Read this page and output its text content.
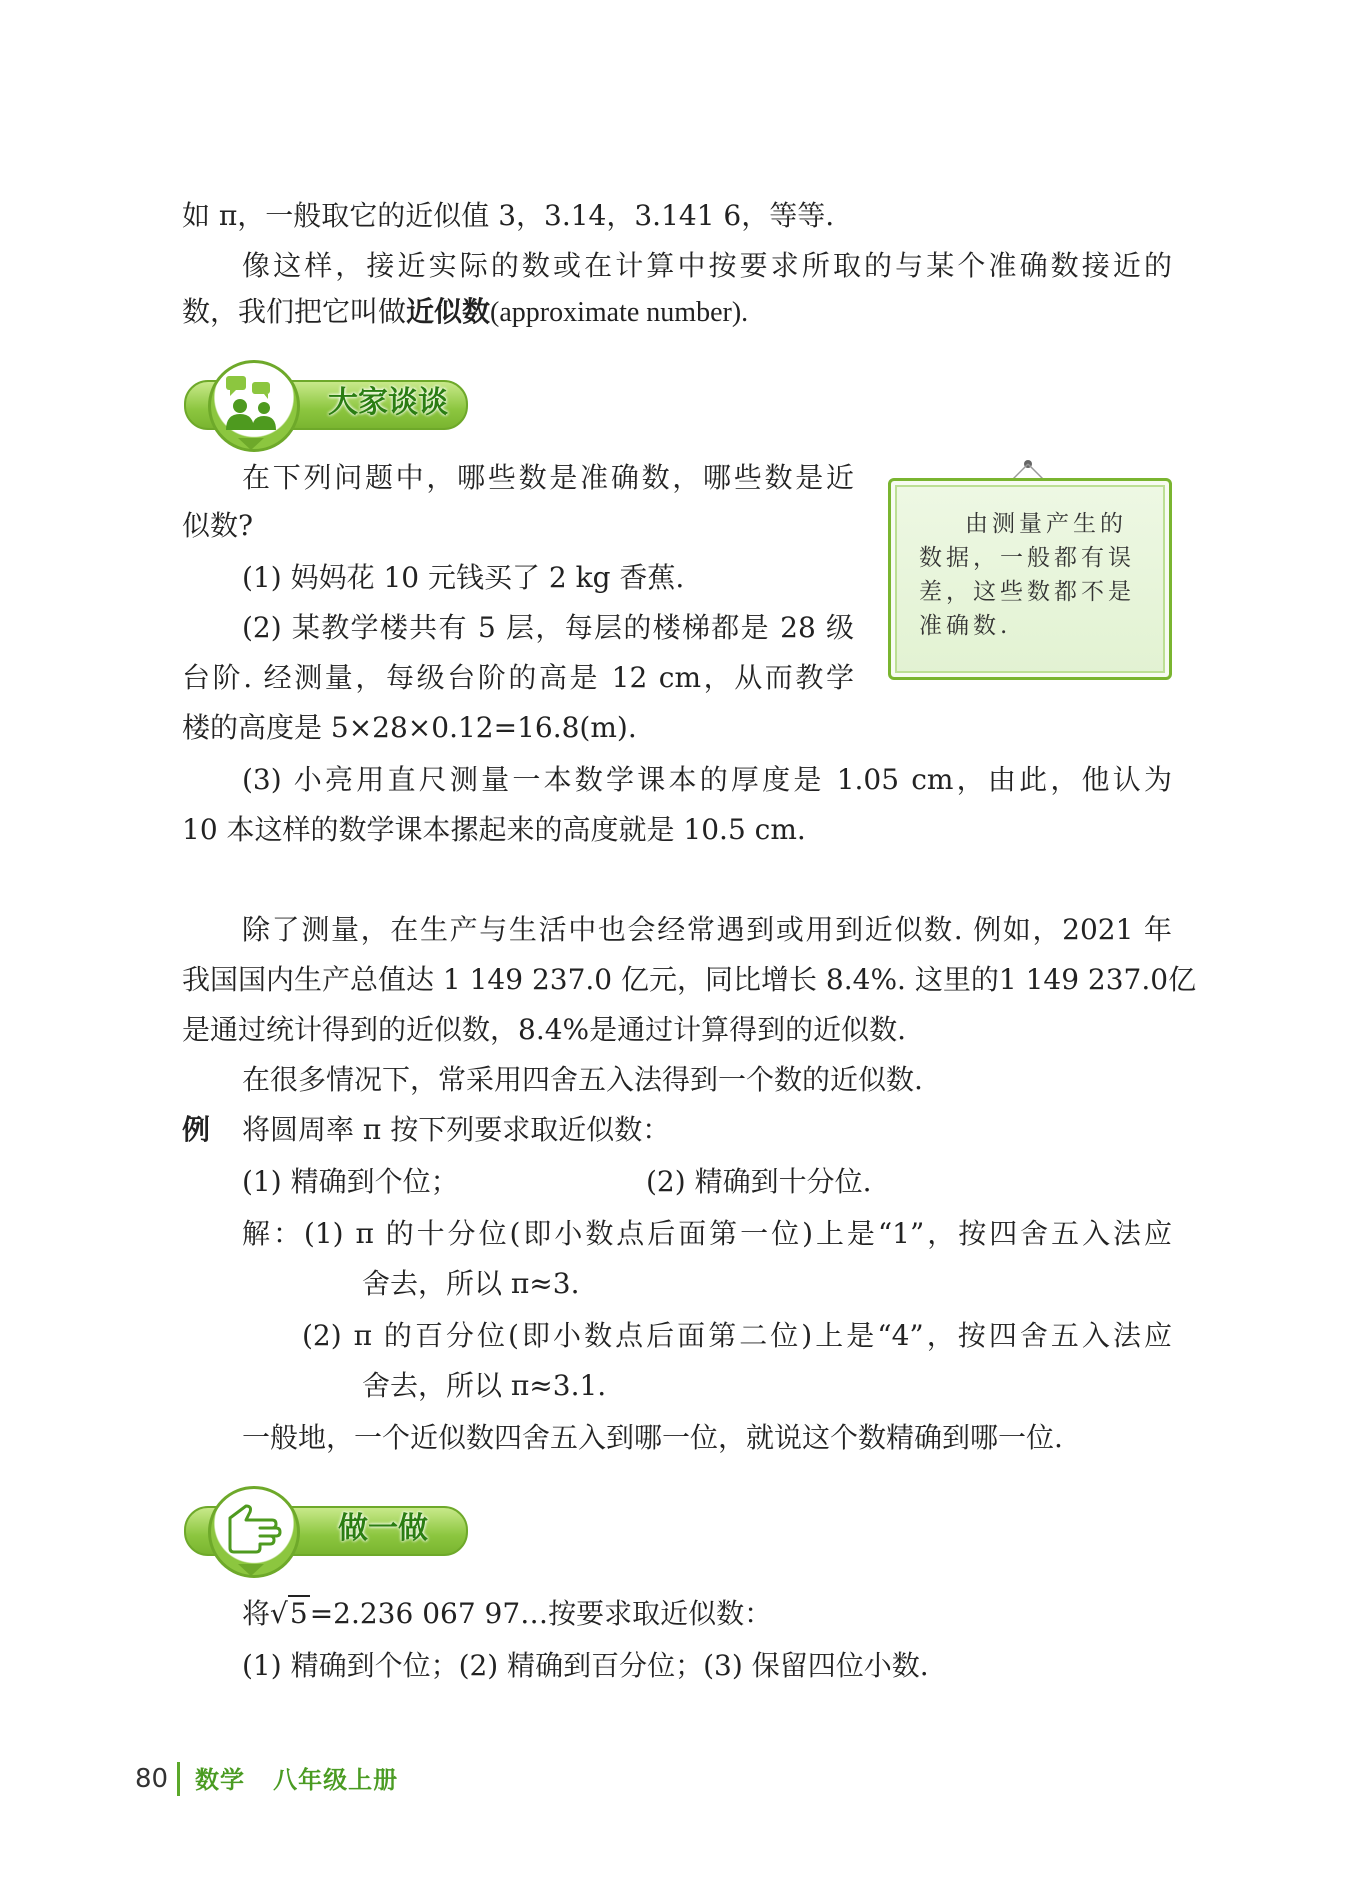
如 π，一般取它的近似值 3，3.14，3.141 6，等等.
像这样，接近实际的数或在计算中按要求所取的与某个准确数接近的
数，我们把它叫做近似数(approximate number).
大家谈谈
在下列问题中，哪些数是准确数，哪些数是近
似数?
(1) 妈妈花 10 元钱买了 2 kg 香蕉.
(2) 某教学楼共有 5 层，每层的楼梯都是 28 级
台阶. 经测量，每级台阶的高是 12 cm，从而教学
楼的高度是 5×28×0.12=16.8(m).
(3) 小亮用直尺测量一本数学课本的厚度是 1.05 cm，由此，他认为
10 本这样的数学课本摞起来的高度就是 10.5 cm.
由测量产生的数据，一般都有误差，这些数都不是准确数.
除了测量，在生产与生活中也会经常遇到或用到近似数. 例如，2021 年
我国国内生产总值达 1 149 237.0 亿元，同比增长 8.4%. 这里的1 149 237.0亿
是通过统计得到的近似数，8.4%是通过计算得到的近似数.
在很多情况下，常采用四舍五入法得到一个数的近似数.
例 将圆周率 π 按下列要求取近似数：
(1) 精确到个位；	(2) 精确到十分位.
解：(1) π 的十分位(即小数点后面第一位)上是“1”，按四舍五入法应
舍去，所以 π≈3.
(2) π 的百分位(即小数点后面第二位)上是“4”，按四舍五入法应
舍去，所以 π≈3.1.
一般地，一个近似数四舍五入到哪一位，就说这个数精确到哪一位.
做一做
将√5=2.236 067 97…按要求取近似数：
(1) 精确到个位；(2) 精确到百分位；(3) 保留四位小数.
80 数学   八年级上册
